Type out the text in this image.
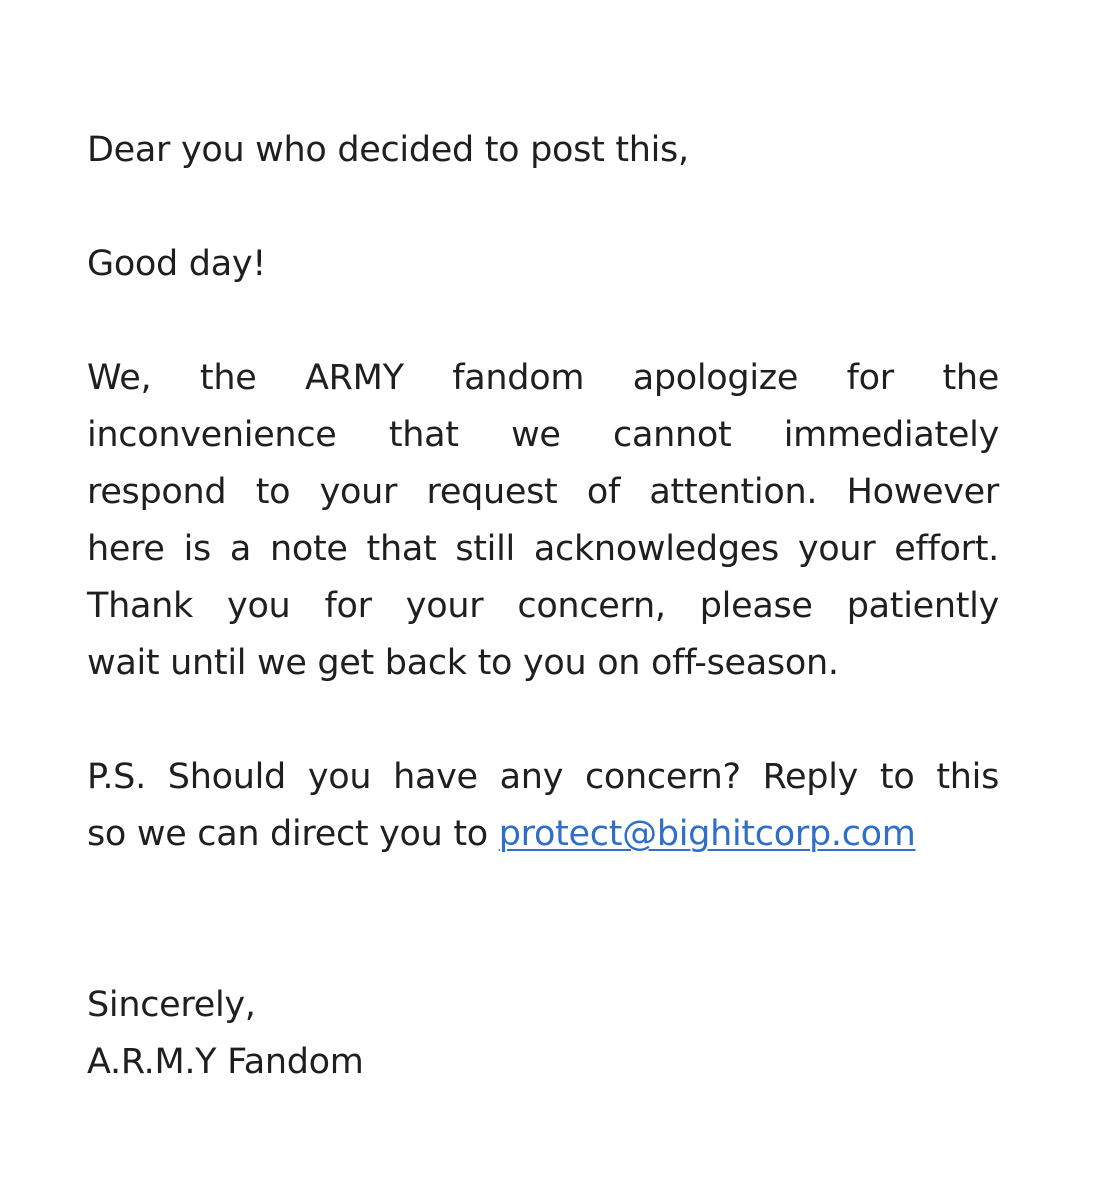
Dear you who decided to post this,
Good day!
We, the ARMY fandom apologize for the
inconvenience that we cannot immediately
respond to your request of attention. However
here is a note that still acknowledges your effort.
Thank you for your concern, please patiently
wait until we get back to you on off-season.
P.S. Should you have any concern? Reply to this
so we can direct you to protect@bighitcorp.com
Sincerely,
A.R.M.Y Fandom
